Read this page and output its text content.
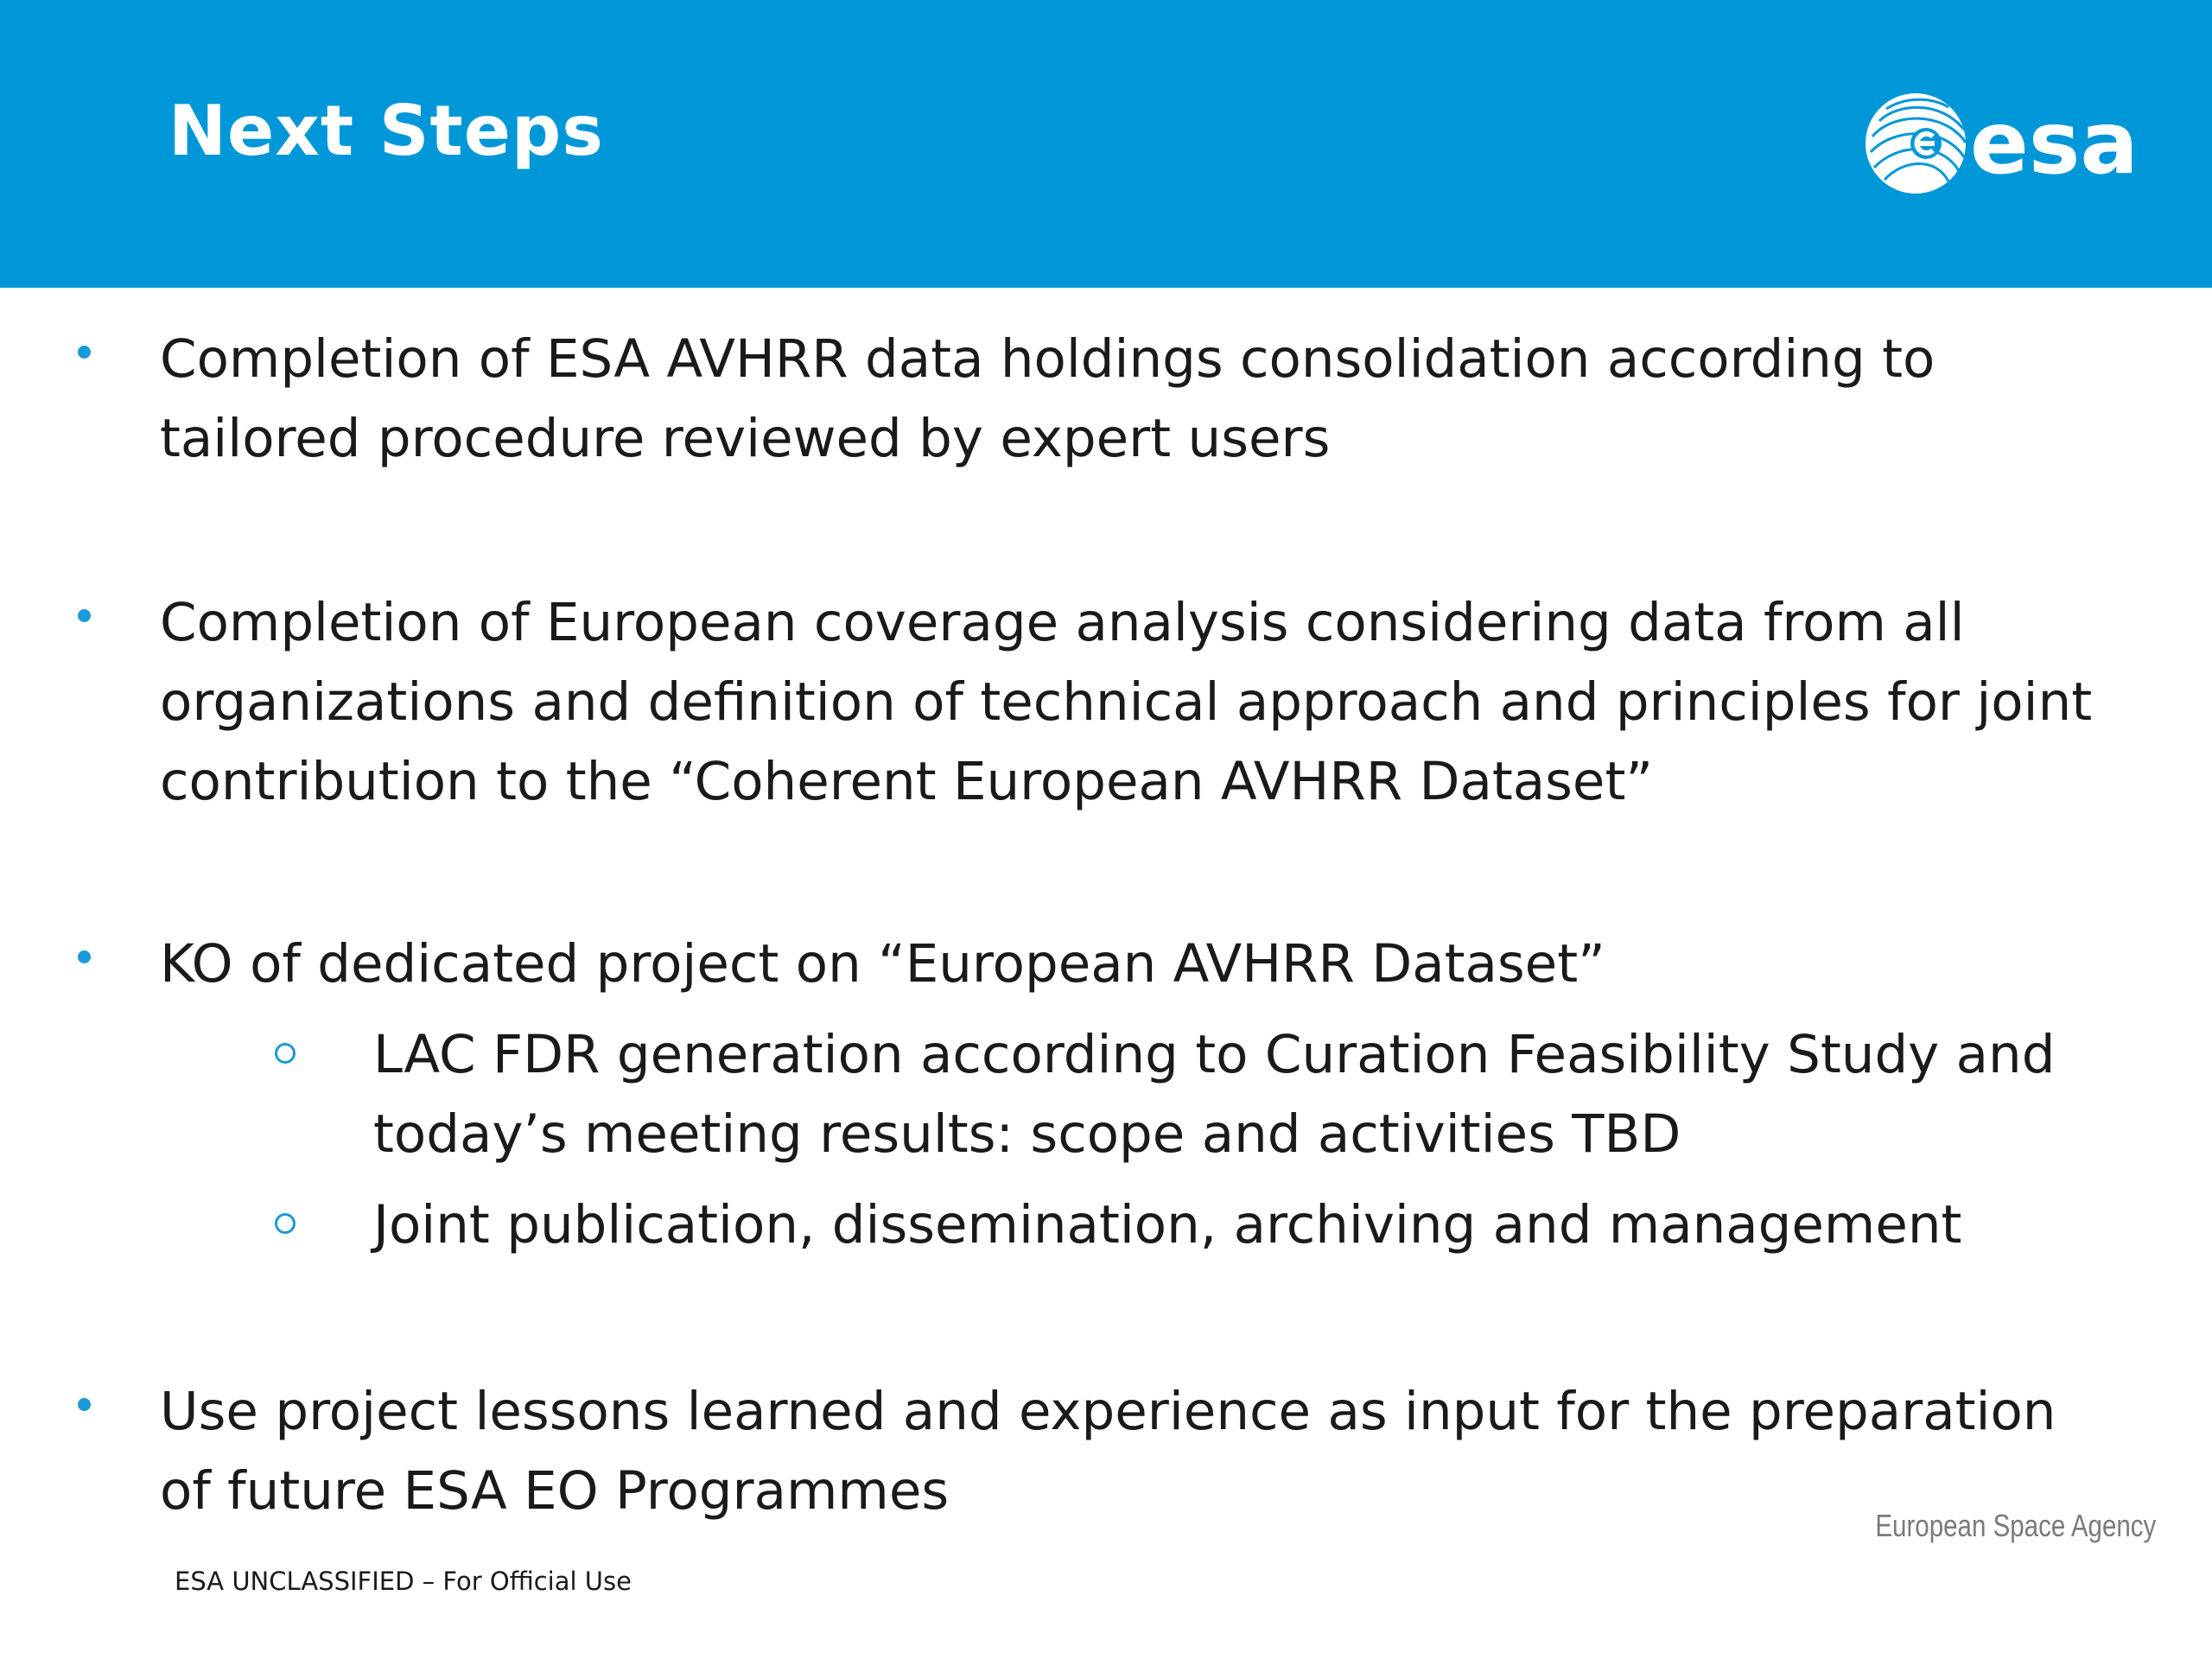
Next Steps	esa
Completion of ESA AVHRR data holdings consolidation according to tailored procedure reviewed by expert users
Completion of European coverage analysis considering data from all organizations and definition of technical approach and principles for joint contribution to the “Coherent European AVHRR Dataset”
KO of dedicated project on “European AVHRR Dataset”
LAC FDR generation according to Curation Feasibility Study and today’s meeting results: scope and activities TBD
Joint publication, dissemination, archiving and management
Use project lessons learned and experience as input for the preparation of future ESA EO Programmes
European Space Agency
ESA UNCLASSIFIED – For Official Use
